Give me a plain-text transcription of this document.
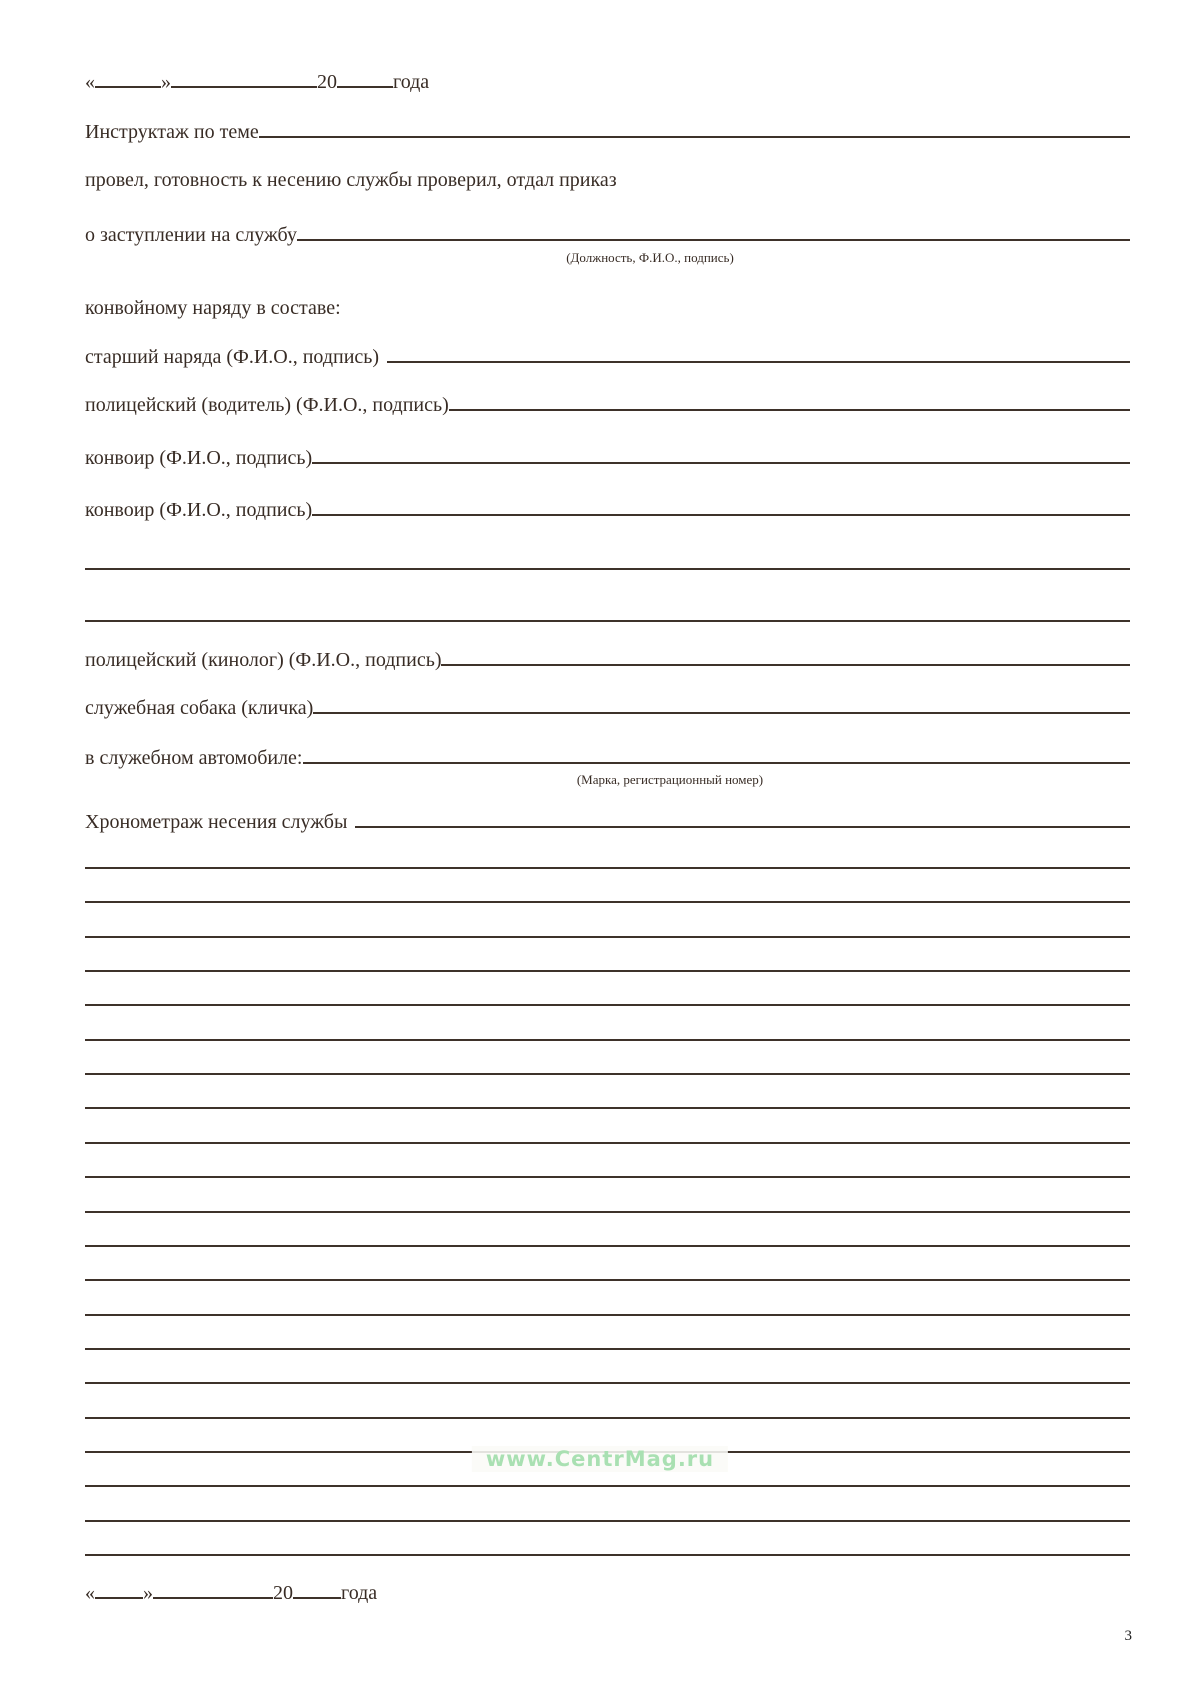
«	»	20	года
Инструктаж по теме
провел, готовность к несению службы проверил, отдал приказ
о заступлении на службу
(Должность, Ф.И.О., подпись)
конвойному наряду в составе:
старший наряда (Ф.И.О., подпись)
полицейский (водитель) (Ф.И.О., подпись)
конвоир (Ф.И.О., подпись)
конвоир (Ф.И.О., подпись)
полицейский (кинолог) (Ф.И.О., подпись)
служебная собака (кличка)
в служебном автомобиле:
(Марка, регистрационный номер)
Хронометраж несения службы
www.CentrMag.ru
« »	20 года
3
